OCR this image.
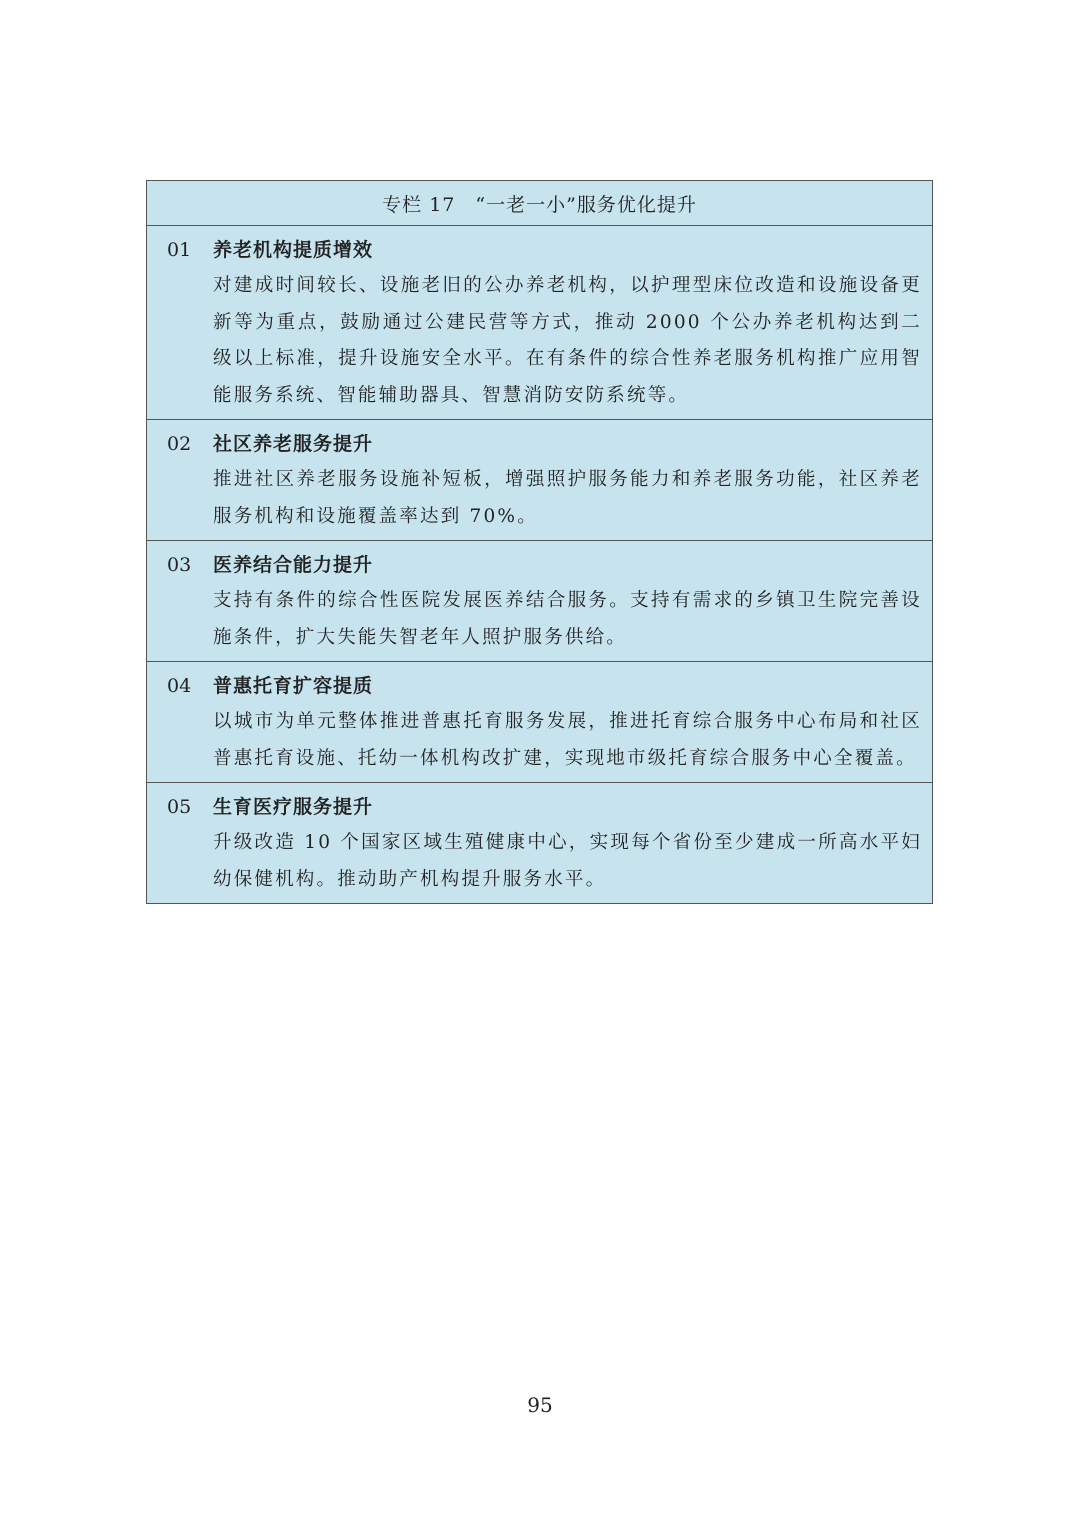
专栏 17　“一老一小”服务优化提升
01	养老机构提质增效
对建成时间较长、设施老旧的公办养老机构，以护理型床位改造和设施设备更新等为重点，鼓励通过公建民营等方式，推动 2000 个公办养老机构达到二级以上标准，提升设施安全水平。在有条件的综合性养老服务机构推广应用智能服务系统、智能辅助器具、智慧消防安防系统等。
02	社区养老服务提升
推进社区养老服务设施补短板，增强照护服务能力和养老服务功能，社区养老服务机构和设施覆盖率达到 70%。
03	医养结合能力提升
支持有条件的综合性医院发展医养结合服务。支持有需求的乡镇卫生院完善设施条件，扩大失能失智老年人照护服务供给。
04	普惠托育扩容提质
以城市为单元整体推进普惠托育服务发展，推进托育综合服务中心布局和社区普惠托育设施、托幼一体机构改扩建，实现地市级托育综合服务中心全覆盖。
05	生育医疗服务提升
升级改造 10 个国家区域生殖健康中心，实现每个省份至少建成一所高水平妇幼保健机构。推动助产机构提升服务水平。
95
